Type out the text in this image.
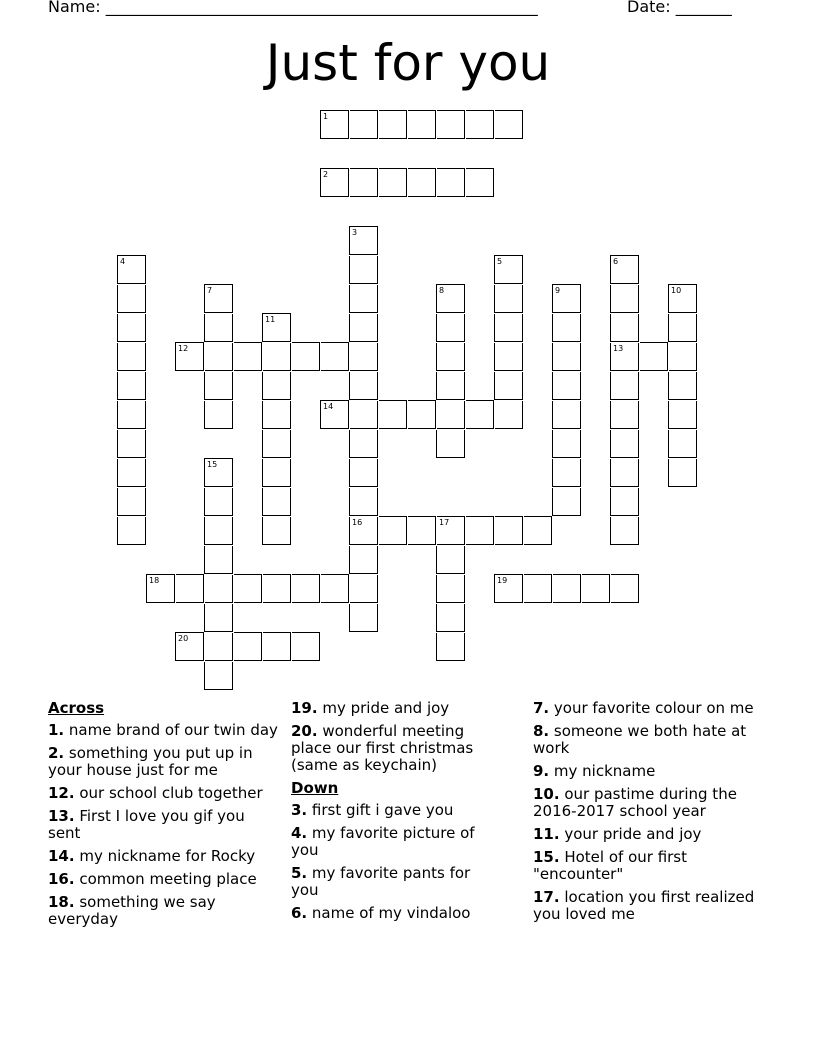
Name: ______________________________________________________	Date: _______
Just for you
1
2
3
4	5	6
7	8	9	10
11
12	13
14
15
16	17
18	19
20
Across
1. name brand of our twin day
2. something you put up in your house just for me
12. our school club together
13. First I love you gif you sent
14. my nickname for Rocky
16. common meeting place
18. something we say everyday
19. my pride and joy
20. wonderful meeting place our first christmas (same as keychain)
Down
3. first gift i gave you
4. my favorite picture of you
5. my favorite pants for you
6. name of my vindaloo
7. your favorite colour on me
8. someone we both hate at work
9. my nickname
10. our pastime during the 2016-2017 school year
11. your pride and joy
15. Hotel of our first "encounter"
17. location you first realized you loved me
